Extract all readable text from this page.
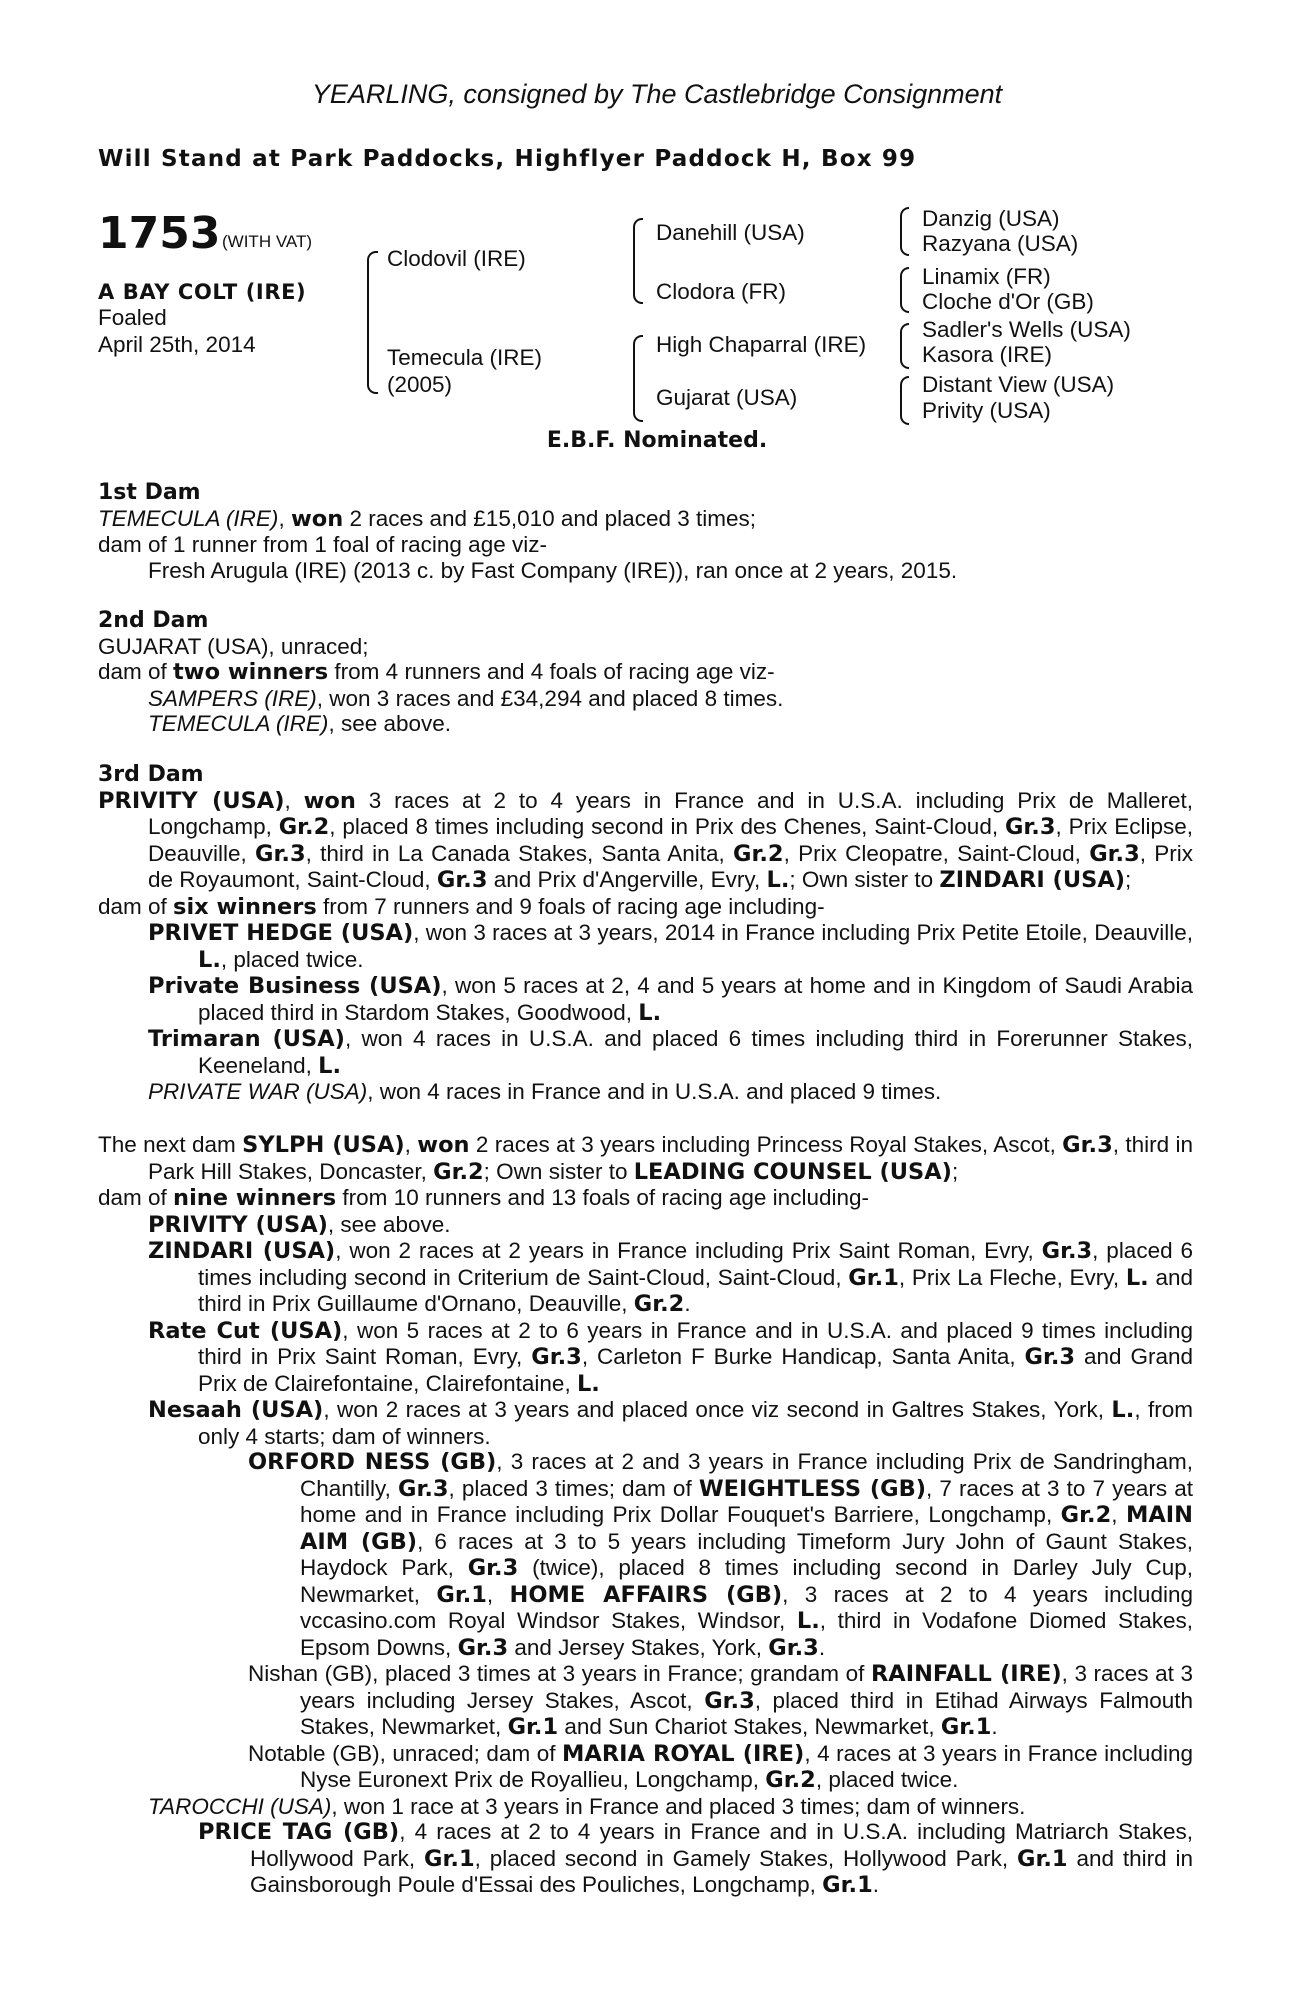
YEARLING, consigned by The Castlebridge Consignment
Will Stand at Park Paddocks, Highflyer Paddock H, Box 99
1753 (WITH VAT)
A BAY COLT (IRE)
Foaled
April 25th, 2014
Clodovil (IRE)
Temecula (IRE)
(2005)
Danehill (USA)
Clodora (FR)
High Chaparral (IRE)
Gujarat (USA)
Danzig (USA)
Razyana (USA)
Linamix (FR)
Cloche d'Or (GB)
Sadler's Wells (USA)
Kasora (IRE)
Distant View (USA)
Privity (USA)
E.B.F. Nominated.
1st Dam
TEMECULA (IRE), won 2 races and £15,010 and placed 3 times;
dam of 1 runner from 1 foal of racing age viz-
Fresh Arugula (IRE) (2013 c. by Fast Company (IRE)), ran once at 2 years, 2015.
2nd Dam
GUJARAT (USA), unraced;
dam of two winners from 4 runners and 4 foals of racing age viz-
SAMPERS (IRE), won 3 races and £34,294 and placed 8 times.
TEMECULA (IRE), see above.
3rd Dam
PRIVITY (USA), won 3 races at 2 to 4 years in France and in U.S.A. including Prix de Malleret, Longchamp, Gr.2, placed 8 times including second in Prix des Chenes, Saint-Cloud, Gr.3, Prix Eclipse, Deauville, Gr.3, third in La Canada Stakes, Santa Anita, Gr.2, Prix Cleopatre, Saint-Cloud, Gr.3, Prix de Royaumont, Saint-Cloud, Gr.3 and Prix d'Angerville, Evry, L.; Own sister to ZINDARI (USA);
dam of six winners from 7 runners and 9 foals of racing age including-
PRIVET HEDGE (USA), won 3 races at 3 years, 2014 in France including Prix Petite Etoile, Deauville, L., placed twice.
Private Business (USA), won 5 races at 2, 4 and 5 years at home and in Kingdom of Saudi Arabia placed third in Stardom Stakes, Goodwood, L.
Trimaran (USA), won 4 races in U.S.A. and placed 6 times including third in Forerunner Stakes, Keeneland, L.
PRIVATE WAR (USA), won 4 races in France and in U.S.A. and placed 9 times.
The next dam SYLPH (USA), won 2 races at 3 years including Princess Royal Stakes, Ascot, Gr.3, third in Park Hill Stakes, Doncaster, Gr.2; Own sister to LEADING COUNSEL (USA);
dam of nine winners from 10 runners and 13 foals of racing age including-
PRIVITY (USA), see above.
ZINDARI (USA), won 2 races at 2 years in France including Prix Saint Roman, Evry, Gr.3, placed 6 times including second in Criterium de Saint-Cloud, Saint-Cloud, Gr.1, Prix La Fleche, Evry, L. and third in Prix Guillaume d'Ornano, Deauville, Gr.2.
Rate Cut (USA), won 5 races at 2 to 6 years in France and in U.S.A. and placed 9 times including third in Prix Saint Roman, Evry, Gr.3, Carleton F Burke Handicap, Santa Anita, Gr.3 and Grand Prix de Clairefontaine, Clairefontaine, L.
Nesaah (USA), won 2 races at 3 years and placed once viz second in Galtres Stakes, York, L., from only 4 starts; dam of winners.
ORFORD NESS (GB), 3 races at 2 and 3 years in France including Prix de Sandringham, Chantilly, Gr.3, placed 3 times; dam of WEIGHTLESS (GB), 7 races at 3 to 7 years at home and in France including Prix Dollar Fouquet's Barriere, Longchamp, Gr.2, MAIN AIM (GB), 6 races at 3 to 5 years including Timeform Jury John of Gaunt Stakes, Haydock Park, Gr.3 (twice), placed 8 times including second in Darley July Cup, Newmarket, Gr.1, HOME AFFAIRS (GB), 3 races at 2 to 4 years including vccasino.com Royal Windsor Stakes, Windsor, L., third in Vodafone Diomed Stakes, Epsom Downs, Gr.3 and Jersey Stakes, York, Gr.3.
Nishan (GB), placed 3 times at 3 years in France; grandam of RAINFALL (IRE), 3 races at 3 years including Jersey Stakes, Ascot, Gr.3, placed third in Etihad Airways Falmouth Stakes, Newmarket, Gr.1 and Sun Chariot Stakes, Newmarket, Gr.1.
Notable (GB), unraced; dam of MARIA ROYAL (IRE), 4 races at 3 years in France including Nyse Euronext Prix de Royallieu, Longchamp, Gr.2, placed twice.
TAROCCHI (USA), won 1 race at 3 years in France and placed 3 times; dam of winners.
PRICE TAG (GB), 4 races at 2 to 4 years in France and in U.S.A. including Matriarch Stakes, Hollywood Park, Gr.1, placed second in Gamely Stakes, Hollywood Park, Gr.1 and third in Gainsborough Poule d'Essai des Pouliches, Longchamp, Gr.1.
